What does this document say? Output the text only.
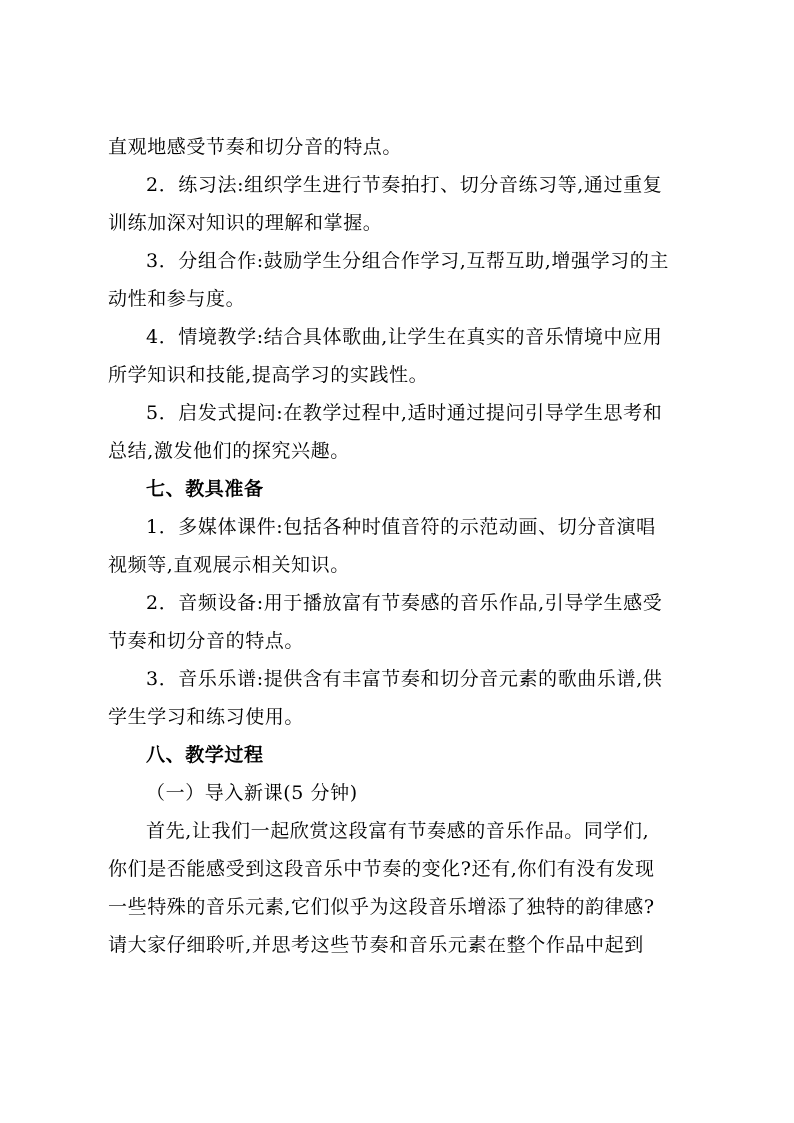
直观地感受节奏和切分音的特点。

2．练习法:组织学生进行节奏拍打、切分音练习等,通过重复

训练加深对知识的理解和掌握。

3．分组合作:鼓励学生分组合作学习,互帮互助,增强学习的主

动性和参与度。

4．情境教学:结合具体歌曲,让学生在真实的音乐情境中应用

所学知识和技能,提高学习的实践性。

5．启发式提问:在教学过程中,适时通过提问引导学生思考和

总结,激发他们的探究兴趣。

七、教具准备

1．多媒体课件:包括各种时值音符的示范动画、切分音演唱

视频等,直观展示相关知识。

2．音频设备:用于播放富有节奏感的音乐作品,引导学生感受

节奏和切分音的特点。

3．音乐乐谱:提供含有丰富节奏和切分音元素的歌曲乐谱,供

学生学习和练习使用。

八、教学过程

（一）导入新课(5 分钟)

首先,让我们一起欣赏这段富有节奏感的音乐作品。同学们,

你们是否能感受到这段音乐中节奏的变化?还有,你们有没有发现

一些特殊的音乐元素,它们似乎为这段音乐增添了独特的韵律感?

请大家仔细聆听,并思考这些节奏和音乐元素在整个作品中起到
